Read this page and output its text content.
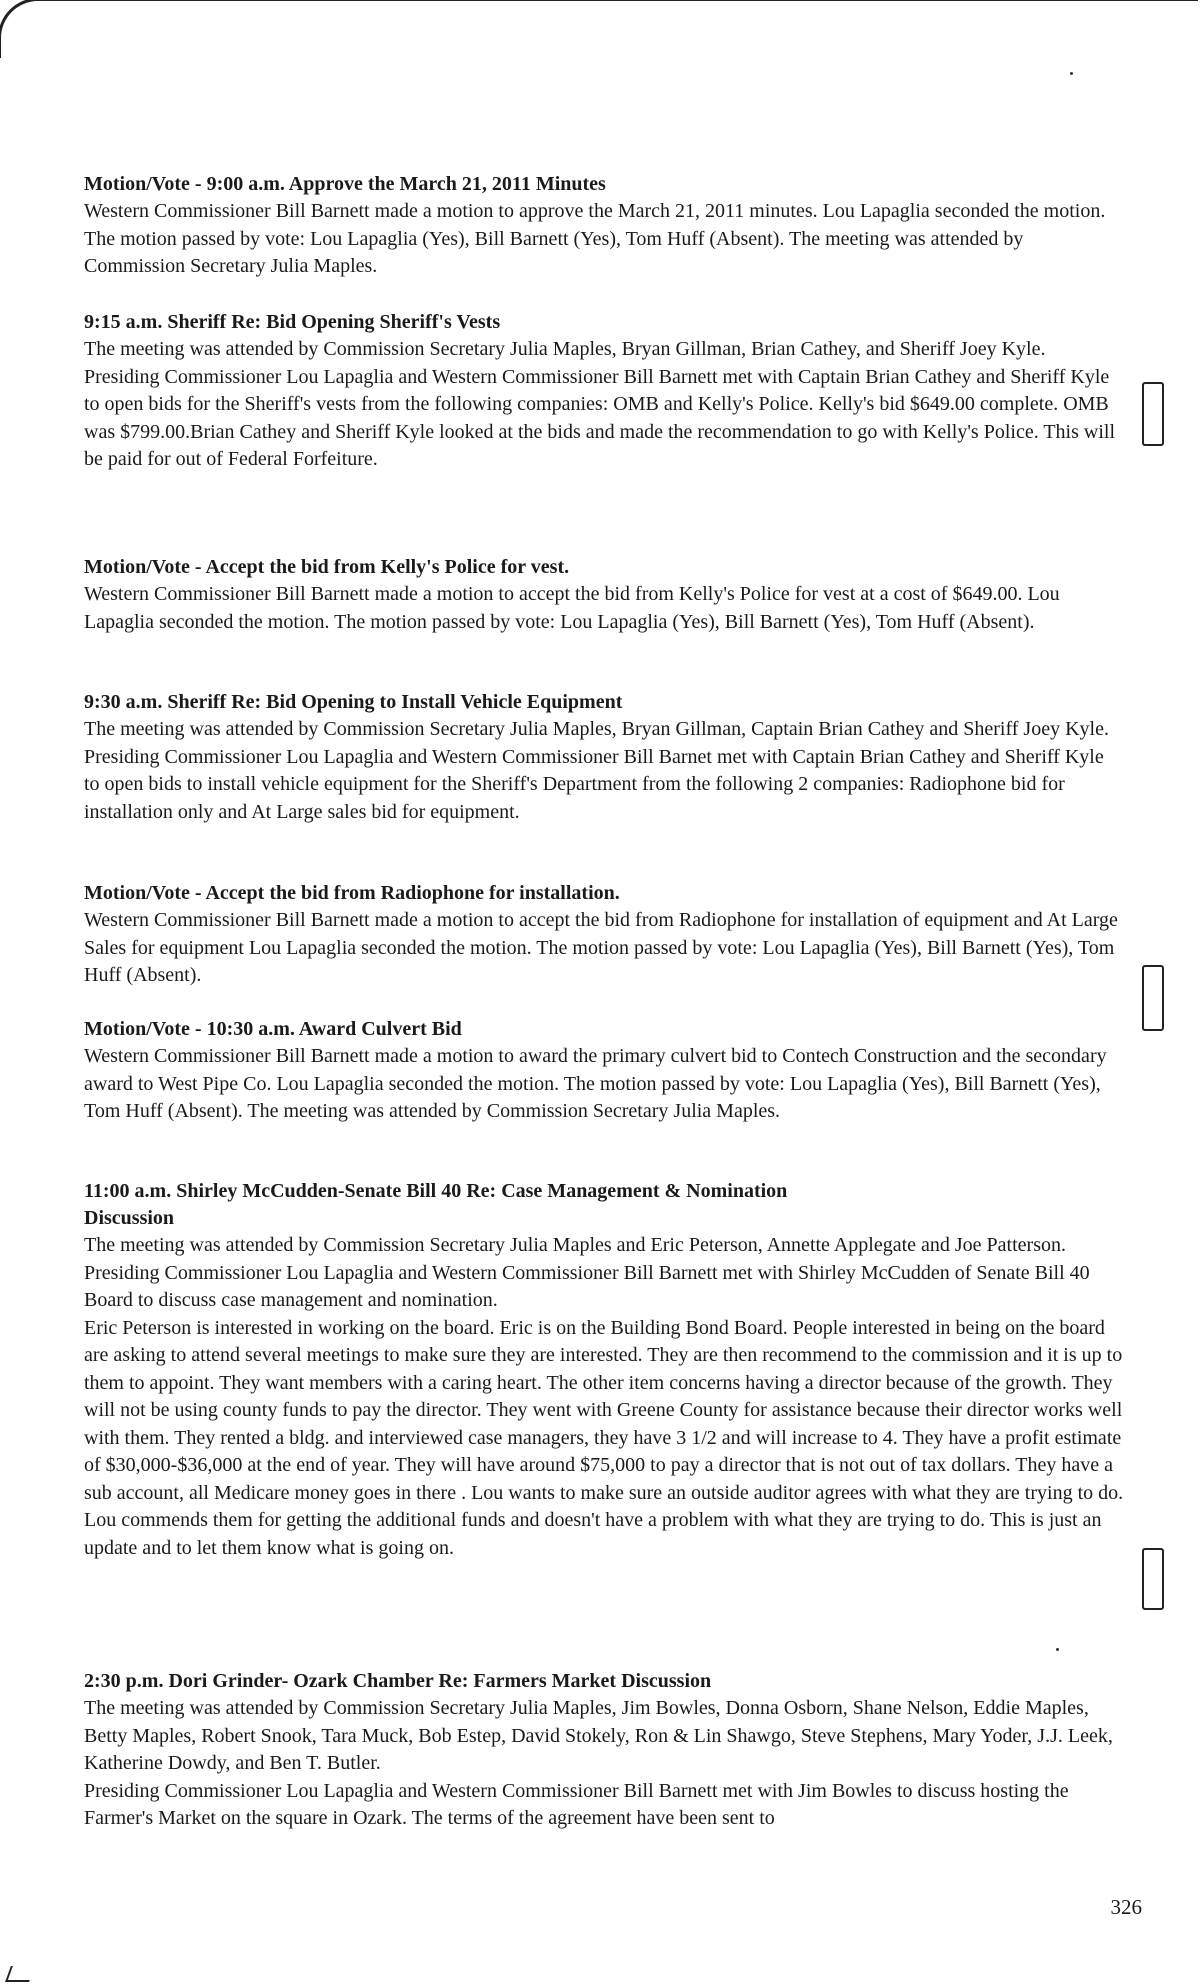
Motion/Vote - 9:00 a.m. Approve the March 21, 2011 Minutes

Western Commissioner Bill Barnett made a motion to approve the March 21, 2011 minutes. Lou Lapaglia seconded the motion. The motion passed by vote: Lou Lapaglia (Yes), Bill Barnett (Yes), Tom Huff (Absent). The meeting was attended by Commission Secretary Julia Maples.

9:15 a.m. Sheriff Re: Bid Opening Sheriff's Vests

The meeting was attended by Commission Secretary Julia Maples, Bryan Gillman, Brian Cathey, and Sheriff Joey Kyle.

Presiding Commissioner Lou Lapaglia and Western Commissioner Bill Barnett met with Captain Brian Cathey and Sheriff Kyle to open bids for the Sheriff's vests from the following companies: OMB and Kelly's Police. Kelly's bid $649.00 complete. OMB was $799.00.Brian Cathey and Sheriff Kyle looked at the bids and made the recommendation to go with Kelly's Police. This will be paid for out of Federal Forfeiture.

Motion/Vote - Accept the bid from Kelly's Police for vest.

Western Commissioner Bill Barnett made a motion to accept the bid from Kelly's Police for vest at a cost of $649.00. Lou Lapaglia seconded the motion. The motion passed by vote: Lou Lapaglia (Yes), Bill Barnett (Yes), Tom Huff (Absent).

9:30 a.m. Sheriff Re: Bid Opening to Install Vehicle Equipment

The meeting was attended by Commission Secretary Julia Maples, Bryan Gillman, Captain Brian Cathey and Sheriff Joey Kyle.

Presiding Commissioner Lou Lapaglia and Western Commissioner Bill Barnet met with Captain Brian Cathey and Sheriff Kyle to open bids to install vehicle equipment for the Sheriff's Department from the following 2 companies: Radiophone bid for installation only and At Large sales bid for equipment.

Motion/Vote - Accept the bid from Radiophone for installation.

Western Commissioner Bill Barnett made a motion to accept the bid from Radiophone for installation of equipment and At Large Sales for equipment Lou Lapaglia seconded the motion. The motion passed by vote: Lou Lapaglia (Yes), Bill Barnett (Yes), Tom Huff (Absent).

Motion/Vote - 10:30 a.m. Award Culvert Bid

Western Commissioner Bill Barnett made a motion to award the primary culvert bid to Contech Construction and the secondary award to West Pipe Co. Lou Lapaglia seconded the motion. The motion passed by vote: Lou Lapaglia (Yes), Bill Barnett (Yes), Tom Huff (Absent). The meeting was attended by Commission Secretary Julia Maples.

11:00 a.m. Shirley McCudden-Senate Bill 40 Re: Case Management & Nomination
Discussion

The meeting was attended by Commission Secretary Julia Maples and Eric Peterson, Annette Applegate and Joe Patterson.

Presiding Commissioner Lou Lapaglia and Western Commissioner Bill Barnett met with Shirley McCudden of Senate Bill 40 Board to discuss case management and nomination.

Eric Peterson is interested in working on the board. Eric is on the Building Bond Board. People interested in being on the board are asking to attend several meetings to make sure they are interested. They are then recommend to the commission and it is up to them to appoint. They want members with a caring heart. The other item concerns having a director because of the growth. They will not be using county funds to pay the director. They went with Greene County for assistance because their director works well with them. They rented a bldg. and interviewed case managers, they have 3 1/2 and will increase to 4. They have a profit estimate of $30,000-$36,000 at the end of year. They will have around $75,000 to pay a director that is not out of tax dollars. They have a sub account, all Medicare money goes in there . Lou wants to make sure an outside auditor agrees with what they are trying to do. Lou commends them for getting the additional funds and doesn't have a problem with what they are trying to do. This is just an update and to let them know what is going on.

2:30 p.m. Dori Grinder- Ozark Chamber Re: Farmers Market Discussion

The meeting was attended by Commission Secretary Julia Maples, Jim Bowles, Donna Osborn, Shane Nelson, Eddie Maples, Betty Maples, Robert Snook, Tara Muck, Bob Estep, David Stokely, Ron & Lin Shawgo, Steve Stephens, Mary Yoder, J.J. Leek, Katherine Dowdy, and Ben T. Butler.

Presiding Commissioner Lou Lapaglia and Western Commissioner Bill Barnett met with Jim Bowles to discuss hosting the Farmer's Market on the square in Ozark. The terms of the agreement have been sent to

326
